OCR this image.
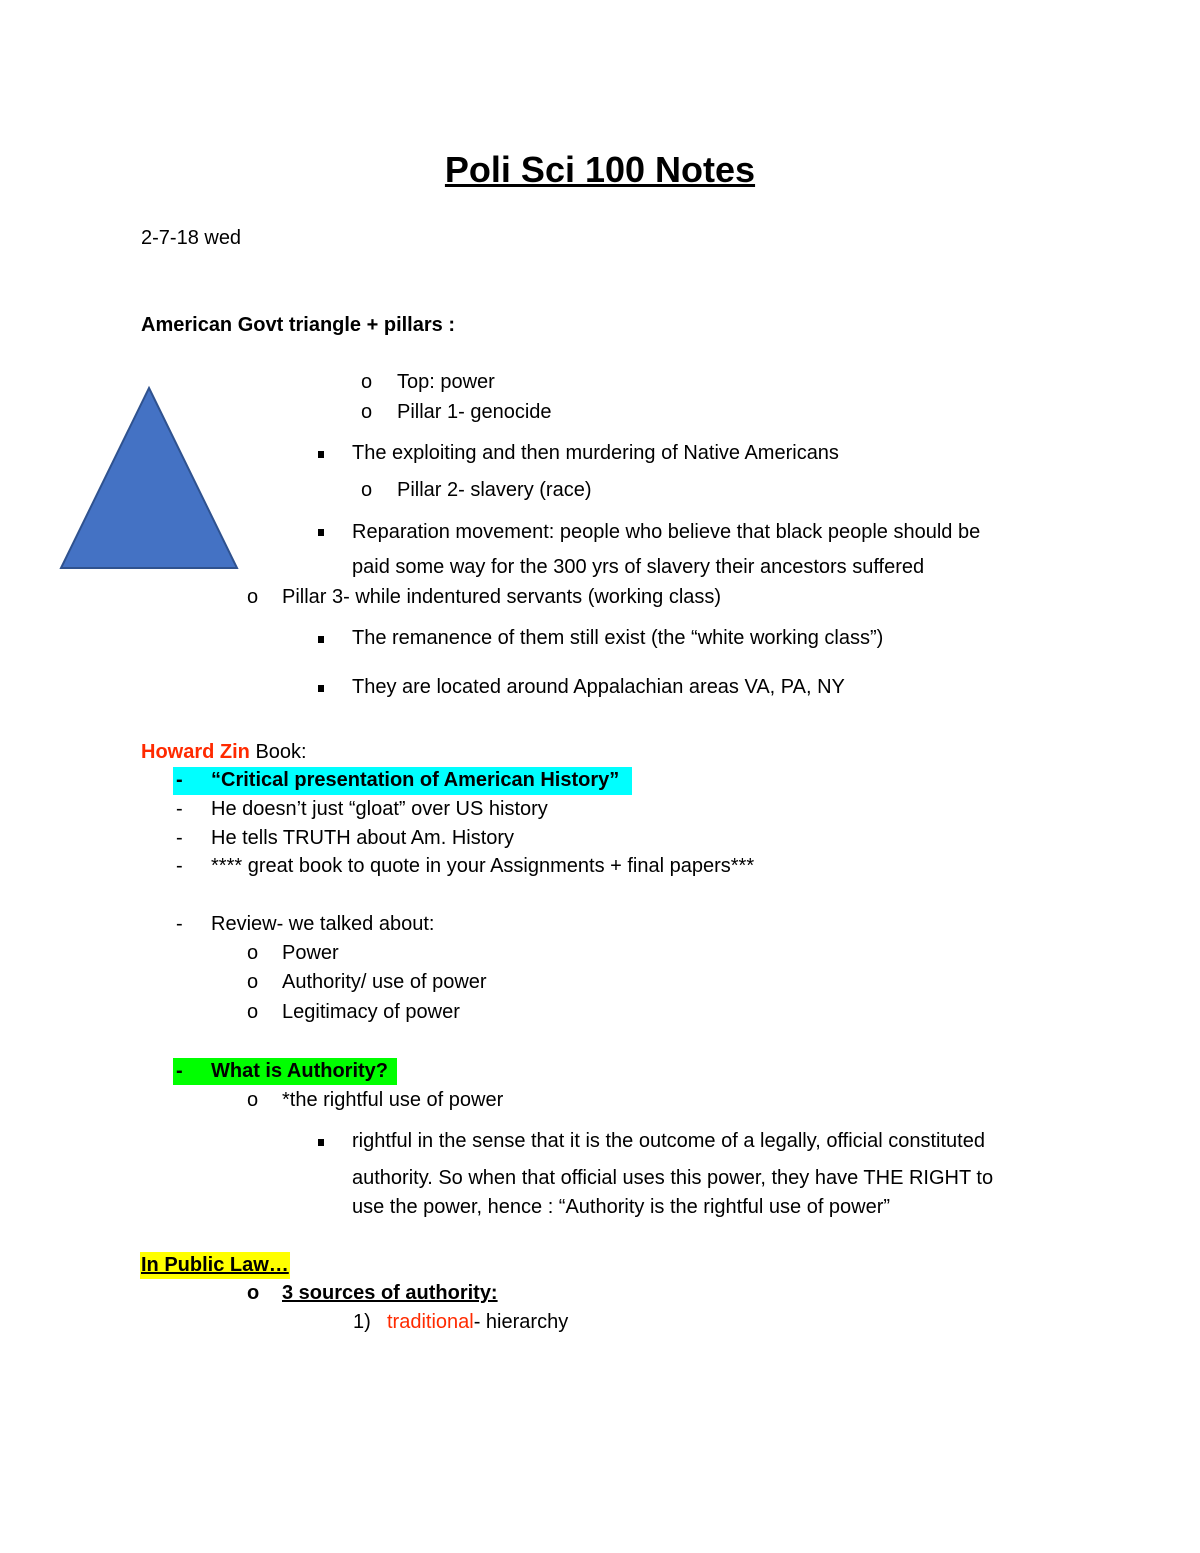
Poli Sci 100 Notes
2-7-18 wed
American Govt triangle + pillars :
o Top: power
o Pillar 1- genocide
The exploiting and then murdering of Native Americans
o Pillar 2- slavery (race)
Reparation movement: people who believe that black people should be
paid some way for the 300 yrs of slavery their ancestors suffered
o Pillar 3- while indentured servants (working class)
The remanence of them still exist (the “white working class”)
They are located around Appalachian areas VA, PA, NY
Howard Zin Book:
- “Critical presentation of American History”
- He doesn’t just “gloat” over US history
- He tells TRUTH about Am. History
- **** great book to quote in your Assignments + final papers***
- Review- we talked about:
o Power
o Authority/ use of power
o Legitimacy of power
- What is Authority?
o *the rightful use of power
rightful in the sense that it is the outcome of a legally, official constituted
authority. So when that official uses this power, they have THE RIGHT to
use the power, hence : “Authority is the rightful use of power”
In Public Law…
o 3 sources of authority:
1) traditional- hierarchy
